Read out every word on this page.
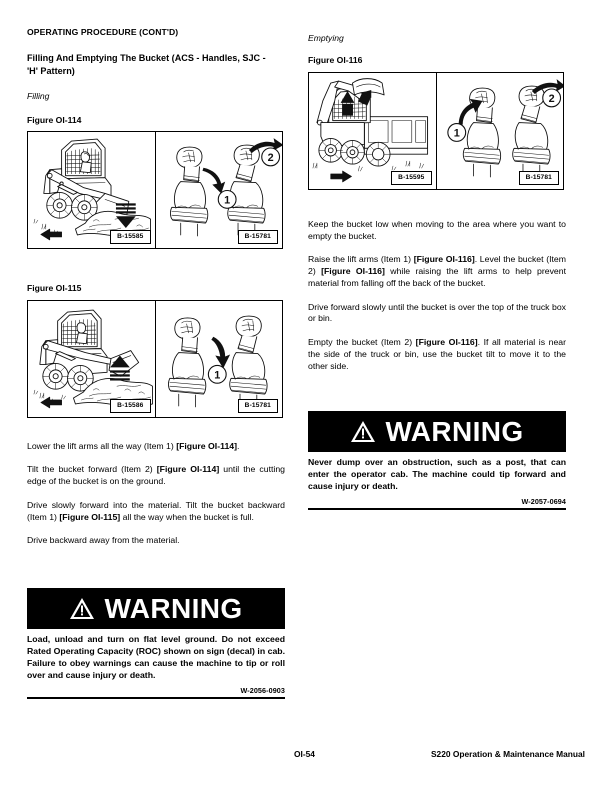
OPERATING PROCEDURE (CONT'D)
Filling And Emptying The Bucket (ACS - Handles, SJC - 'H' Pattern)
Filling
Figure OI-114
B-15585
1
2
B-15781
Figure OI-115
B-15586
1
B-15781

Lower the lift arms all the way (Item 1) [Figure OI-114].

Tilt the bucket forward (Item 2) [Figure OI-114] until the cutting edge of the bucket is on the ground.

Drive slowly forward into the material. Tilt the bucket backward (Item 1) [Figure OI-115] all the way when the bucket is full.

Drive backward away from the material.

WARNING
Load, unload and turn on flat level ground. Do not exceed Rated Operating Capacity (ROC) shown on sign (decal) in cab. Failure to obey warnings can cause the machine to tip or roll over and cause injury or death.
W-2056-0903
Emptying
Figure OI-116
B-15595
1
2
B-15781

Keep the bucket low when moving to the area where you want to empty the bucket.

Raise the lift arms (Item 1) [Figure OI-116]. Level the bucket (Item 2) [Figure OI-116] while raising the lift arms to help prevent material from falling off the back of the bucket.

Drive forward slowly until the bucket is over the top of the truck box or bin.

Empty the bucket (Item 2) [Figure OI-116]. If all material is near the side of the truck or bin, use the bucket tilt to move it to the other side.

WARNING
Never dump over an obstruction, such as a post, that can enter the operator cab. The machine could tip forward and cause injury or death.
W-2057-0694
OI-54	S220 Operation & Maintenance Manual
